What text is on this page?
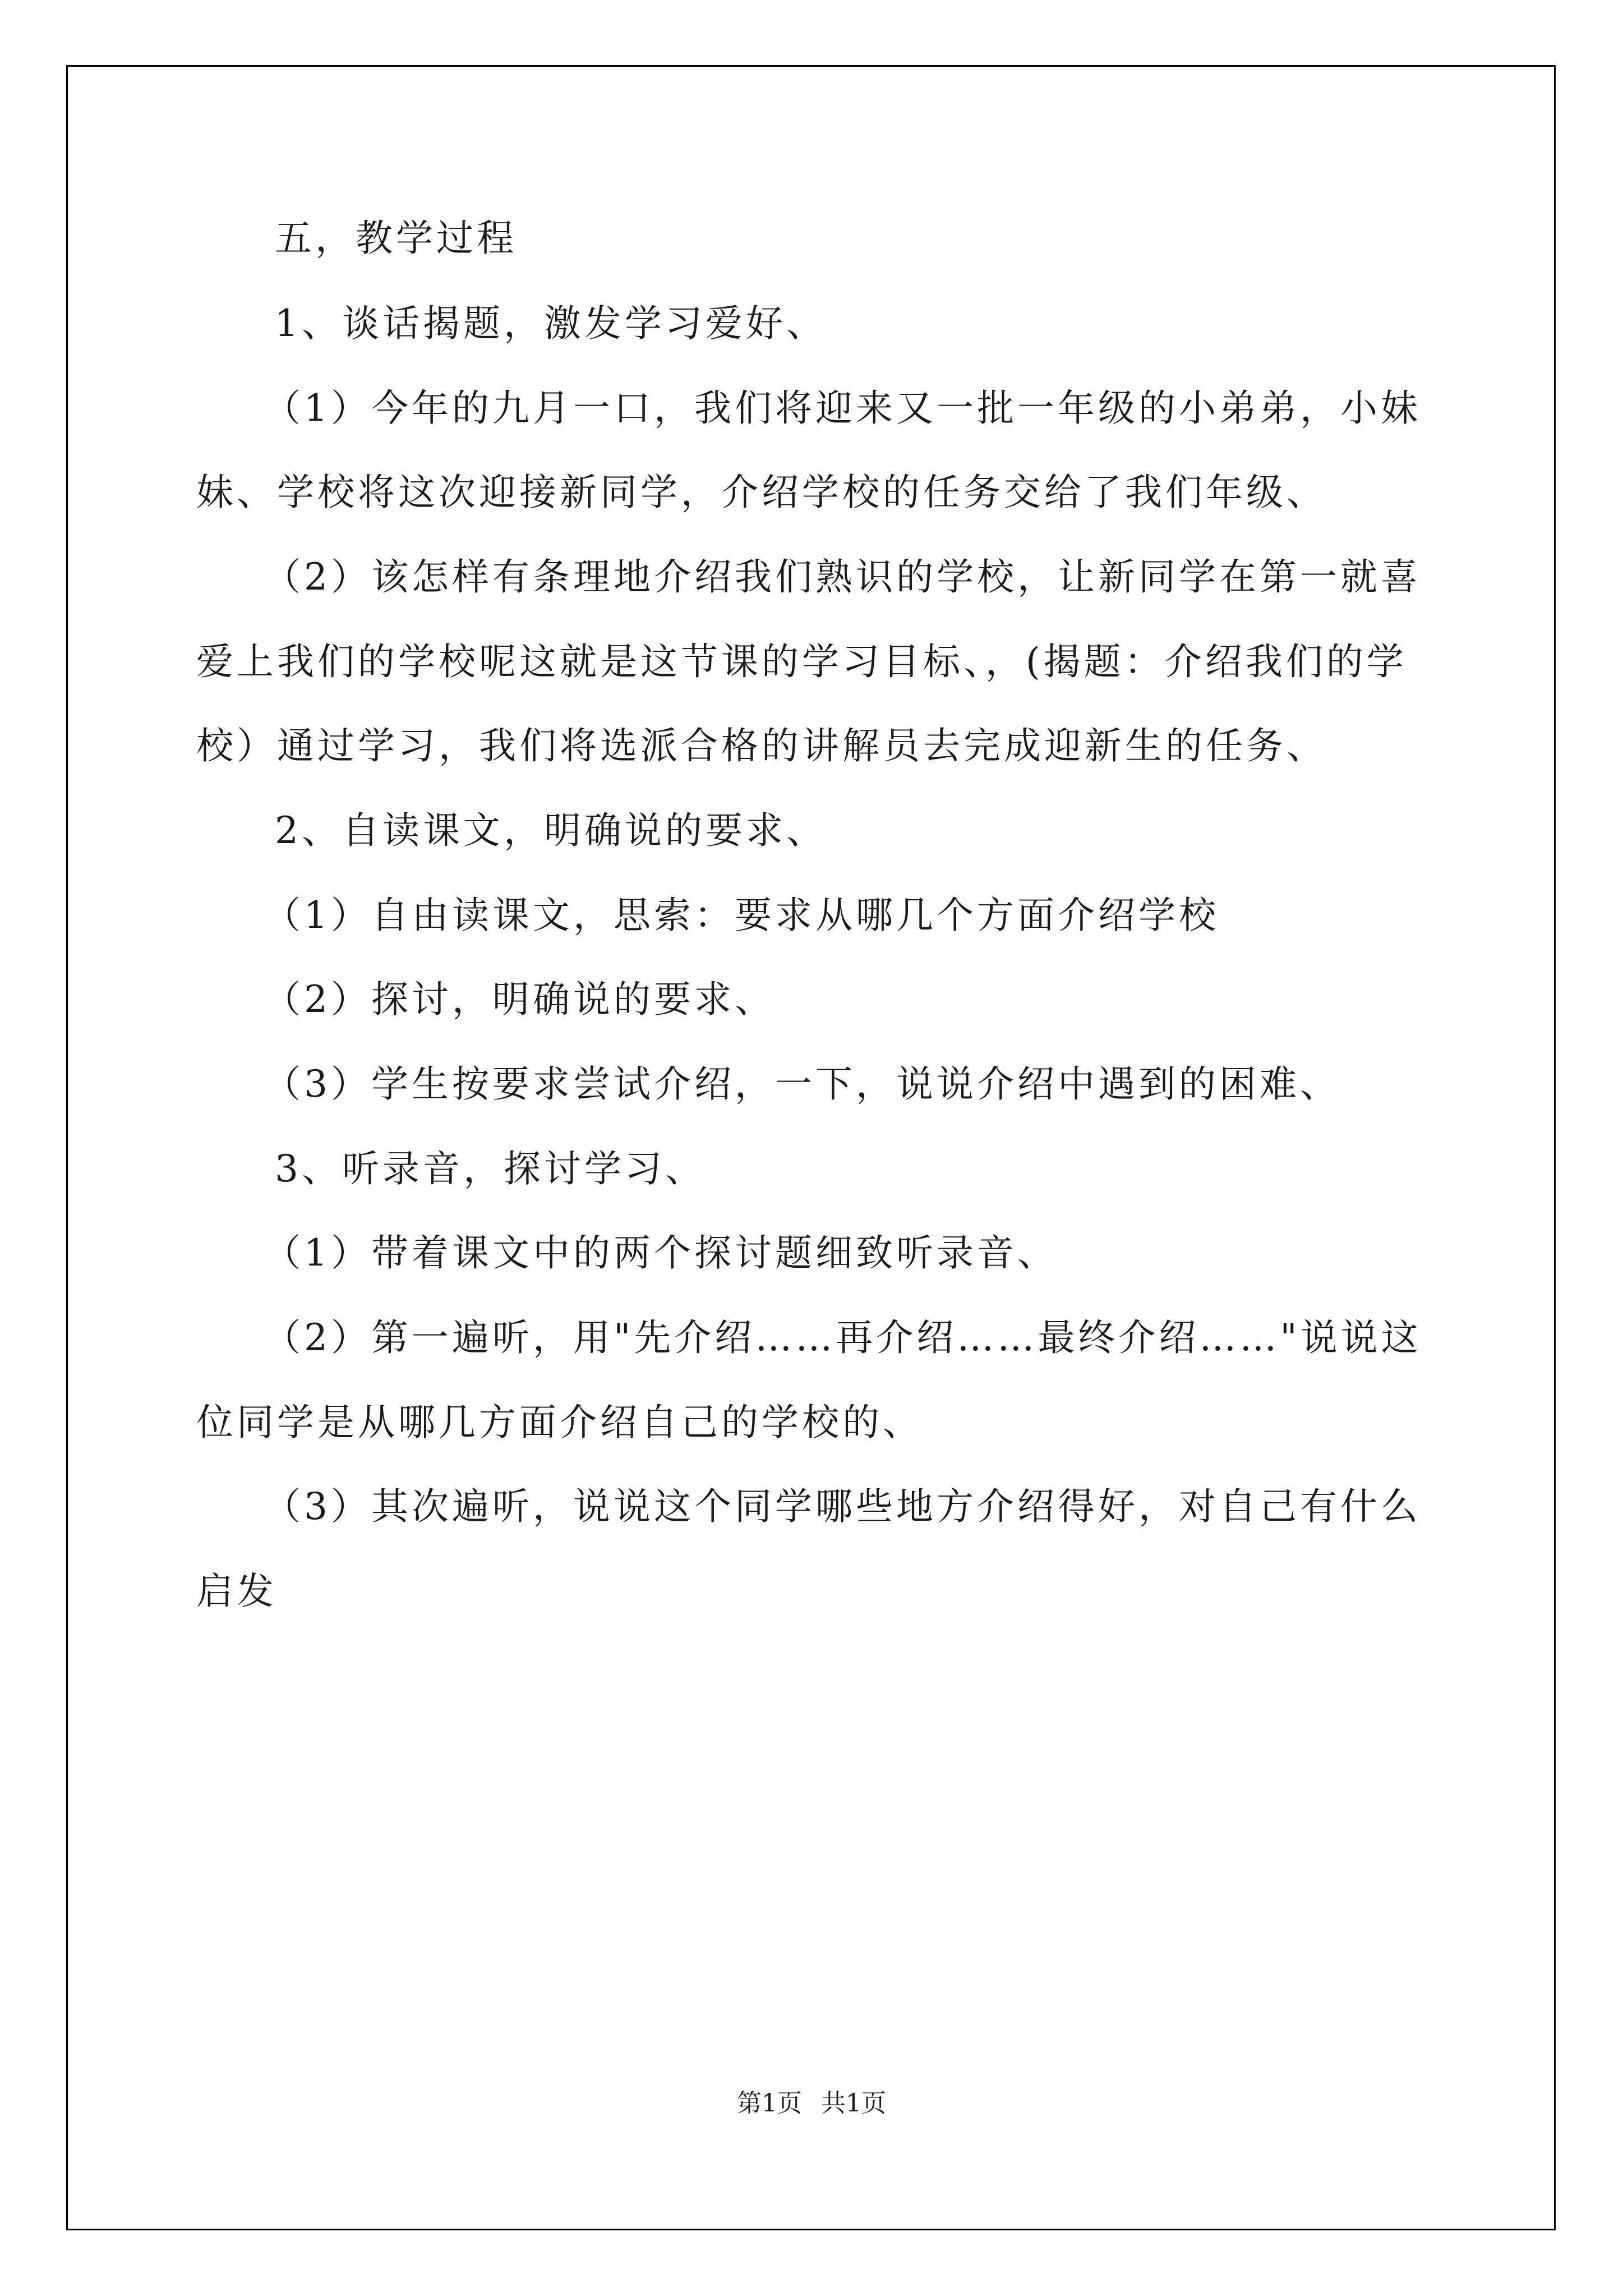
五，教学过程
1、谈话揭题，激发学习爱好、
（1）今年的九月一口，我们将迎来又一批一年级的小弟弟，小妹
妹、学校将这次迎接新同学，介绍学校的任务交给了我们年级、
（2）该怎样有条理地介绍我们熟识的学校，让新同学在第一就喜
爱上我们的学校呢这就是这节课的学习目标、，(揭题：介绍我们的学
校）通过学习，我们将选派合格的讲解员去完成迎新生的任务、
2、自读课文，明确说的要求、
（1）自由读课文，思索：要求从哪几个方面介绍学校
（2）探讨，明确说的要求、
（3）学生按要求尝试介绍，一下，说说介绍中遇到的困难、
3、听录音，探讨学习、
（1）带着课文中的两个探讨题细致听录音、
（2）第一遍听，用"先介绍……再介绍……最终介绍……"说说这
位同学是从哪几方面介绍自己的学校的、
（3）其次遍听，说说这个同学哪些地方介绍得好，对自己有什么
启发
第1页 共1页
